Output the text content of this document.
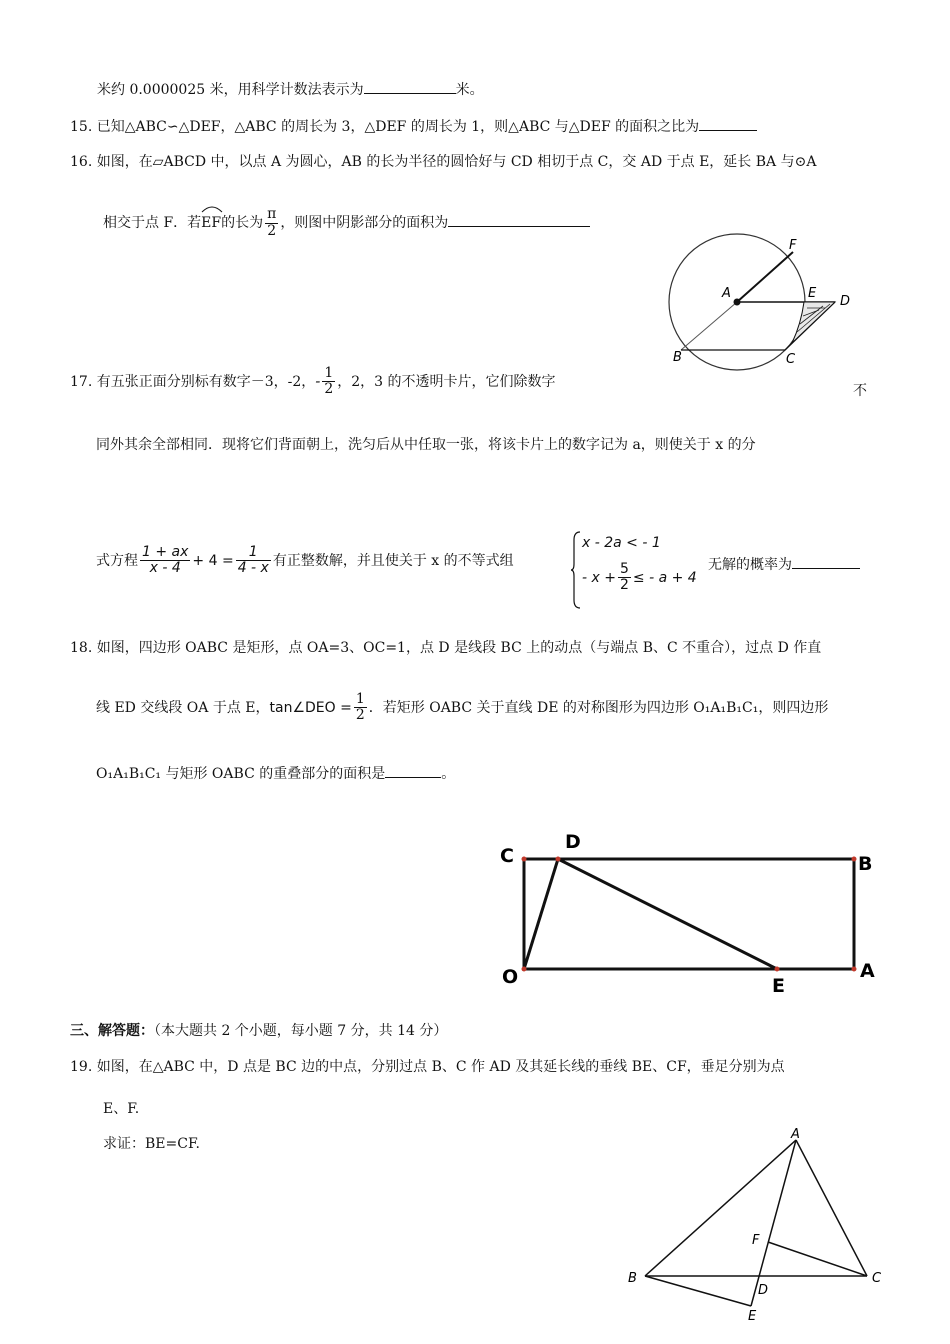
米约 0.0000025 米，用科学计数法表示为	米。
15. 已知△ABC∽△DEF，△ABC 的周长为 3，△DEF 的周长为 1，则△ABC 与△DEF 的面积之比为
16. 如图，在▱ABCD 中，以点 A 为圆心，AB 的长为半径的圆恰好与 CD 相切于点 C，交 AD 于点 E，延长 BA 与⊙A
相交于点 F．若
EF的长为 $\frac{\pi}{2}$ ，则图中阴影部分的面积为
F
A	E
D
B	C
17. 有五张正面分别标有数字－3，-2，- $\frac{1}{2}$ ，2，3 的不透明卡片，它们除数字
不
同外其余全部相同．现将它们背面朝上，洗匀后从中任取一张，将该卡片上的数字记为 a，则使关于 x 的分
式方程 $\frac{1 + ax}{x - 4} + 4 = \frac{1}{4 - x}$ 有正整数解，并且使关于 x 的不等式组
x - 2a < - 1
- $x + \frac{5}{2}$ ≤ - a + 4
无解的概率为
18. 如图，四边形 OABC 是矩形，点 OA=3、OC=1，点 D 是线段 BC 上的动点（与端点 B、C 不重合），过点 D 作直
线 ED 交线段 OA 于点 E，tan∠DEO = $\frac{1}{2}$ ．若矩形 OABC 关于直线 DE 的对称图形为四边形 O₁A₁B₁C₁，则四边形
O₁A₁B₁C₁ 与矩形 OABC 的重叠部分的面积是	。
C
D
B
O	E
A
三、解答题：（本大题共 2 个小题，每小题 7 分，共 14 分）
19. 如图，在△ABC 中，D 点是 BC 边的中点，分别过点 B、C 作 AD 及其延长线的垂线 BE、CF，垂足分别为点
E、F.
求证：BE=CF.
A
F
B
D
C
E
